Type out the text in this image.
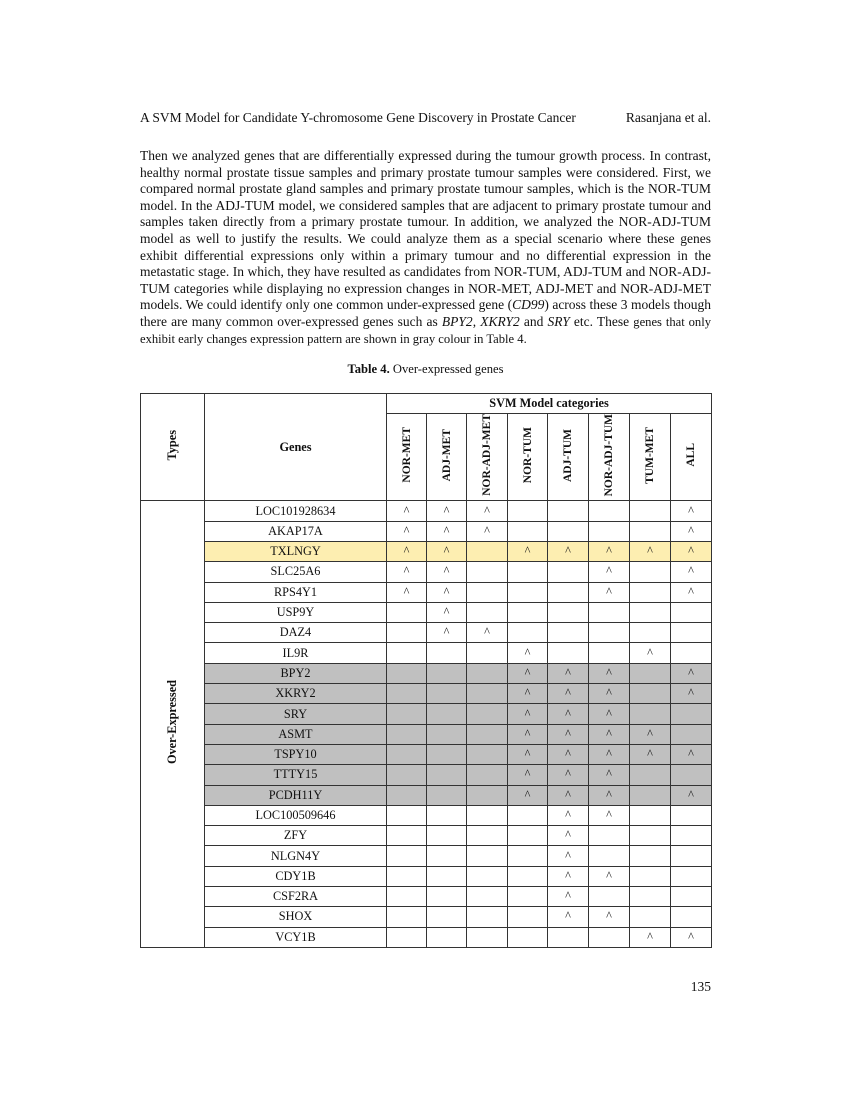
A SVM Model for Candidate Y-chromosome Gene Discovery in Prostate Cancer	Rasanjana et al.
Then we analyzed genes that are differentially expressed during the tumour growth process. In contrast, healthy normal prostate tissue samples and primary prostate tumour samples were considered. First, we compared normal prostate gland samples and primary prostate tumour samples, which is the NOR-TUM model. In the ADJ-TUM model, we considered samples that are adjacent to primary prostate tumour and samples taken directly from a primary prostate tumour. In addition, we analyzed the NOR-ADJ-TUM model as well to justify the results. We could analyze them as a special scenario where these genes exhibit differential expressions only within a primary tumour and no differential expression in the metastatic stage. In which, they have resulted as candidates from NOR-TUM, ADJ-TUM and NOR-ADJ-TUM categories while displaying no expression changes in NOR-MET, ADJ-MET and NOR-ADJ-MET models. We could identify only one common under-expressed gene (CD99) across these 3 models though there are many common over-expressed genes such as BPY2, XKRY2 and SRY etc. These genes that only exhibit early changes expression pattern are shown in gray colour in Table 4.
Table 4. Over-expressed genes
Types	Genes	SVM Model categories							
		NOR-MET	ADJ-MET	NOR-ADJ-MET	NOR-TUM	ADJ-TUM	NOR-ADJ-TUM	TUM-MET	ALL
Over-Expressed	LOC101928634	^	^	^					^
	AKAP17A	^	^	^					^
	TXLNGY	^	^		^	^	^	^	^
	SLC25A6	^	^				^		^
	RPS4Y1	^	^				^		^
	USP9Y		^						
	DAZ4		^	^					
	IL9R				^			^	
	BPY2				^	^	^		^
	XKRY2				^	^	^		^
	SRY				^	^	^		
	ASMT				^	^	^	^	
	TSPY10				^	^	^	^	^
	TTTY15				^	^	^		
	PCDH11Y				^	^	^		^
	LOC100509646					^	^		
	ZFY					^			
	NLGN4Y					^			
	CDY1B					^	^		
	CSF2RA					^			
	SHOX					^	^		
	VCY1B							^	^
135
